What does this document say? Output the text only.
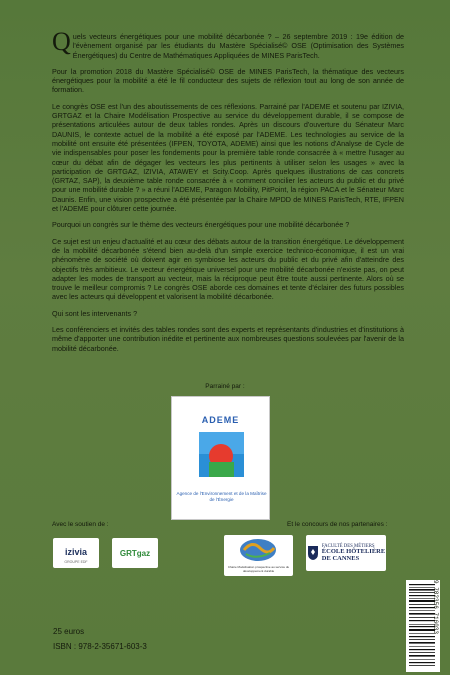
Quels vecteurs énergétiques pour une mobilité décarbonée ? – 26 septembre 2019 : 19e édition de l'évènement organisé par les étudiants du Mastère Spécialisé© OSE (Optimisation des Systèmes Énergétiques) du Centre de Mathématiques Appliquées de MINES ParisTech.

Pour la promotion 2018 du Mastère Spécialisé© OSE de MINES ParisTech, la thématique des vecteurs énergétiques pour la mobilité a été le fil conducteur des sujets de réflexion tout au long de son année de formation.

Le congrès OSE est l'un des aboutissements de ces réflexions. Parrainé par l'ADEME et soutenu par IZIVIA, GRTGAZ et la Chaire Modélisation Prospective au service du développement durable, il se compose de présentations articulées autour de deux tables rondes. Après un discours d'ouverture du Sénateur Marc DAUNIS, le contexte actuel de la mobilité a été exposé par l'ADEME. Les technologies au service de la mobilité ont ensuite été présentées (IFPEN, TOYOTA, ADEME) ainsi que les notions d'Analyse de Cycle de vie indispensables pour poser les fondements pour la première table ronde consacrée à « mettre l'usager au cœur du débat afin de dégager les vecteurs les plus pertinents à utiliser selon les usages » avec la participation de GRTGAZ, IZIVIA, ATAWEY et Scity.Coop. Après quelques illustrations de cas concrets (GRTAZ, SAP), la deuxième table ronde consacrée à « comment concilier les acteurs du public et du privé pour une mobilité durable ? » a réuni l'ADEME, Paragon Mobility, PitPoint, la région PACA et le Sénateur Marc Daunis. Enfin, une vision prospective a été présentée par la Chaire MPDD de MINES ParisTech, RTE, IFPEN et l'ADEME pour clôturer cette journée.

Pourquoi un congrès sur le thème des vecteurs énergétiques pour une mobilité décarbonée ?

Ce sujet est un enjeu d'actualité et au cœur des débats autour de la transition énergétique. Le développement de la mobilité décarbonée s'étend bien au-delà d'un simple exercice technico-économique, il est un vrai phénomène de société où doivent agir en symbiose les acteurs du public et du privé afin d'atteindre des objectifs très ambitieux. Le vecteur énergétique universel pour une mobilité décarbonée n'existe pas, on peut adapter les modes de transport au vecteur, mais la réciproque peut être toute aussi pertinente. Alors où se trouve le meilleur compromis ? Le congrès OSE aborde ces domaines et tente d'éclairer des futurs possibles avec les acteurs qui développent et valorisent la mobilité décarbonée.

Qui sont les intervenants ?

Les conférenciers et invités des tables rondes sont des experts et représentants d'industries et d'institutions à même d'apporter une contribution inédite et pertinente aux nombreuses questions soulevées par l'avenir de la mobilité décarbonée.

Parrainé par :
ADEME
Agence de l'Environnement et de la Maîtrise de l'Énergie
Avec le soutien de :	Et le concours de nos partenaires :
izivia
GROUPE EDF
GRTgaz
Chaire Modélisation prospective au service du développement durable
FACULTÉ DES MÉTIERS
ÉCOLE HÔTELIÈRE
DE CANNES
25 euros
ISBN : 978-2-35671-603-3
9 782356 716033
